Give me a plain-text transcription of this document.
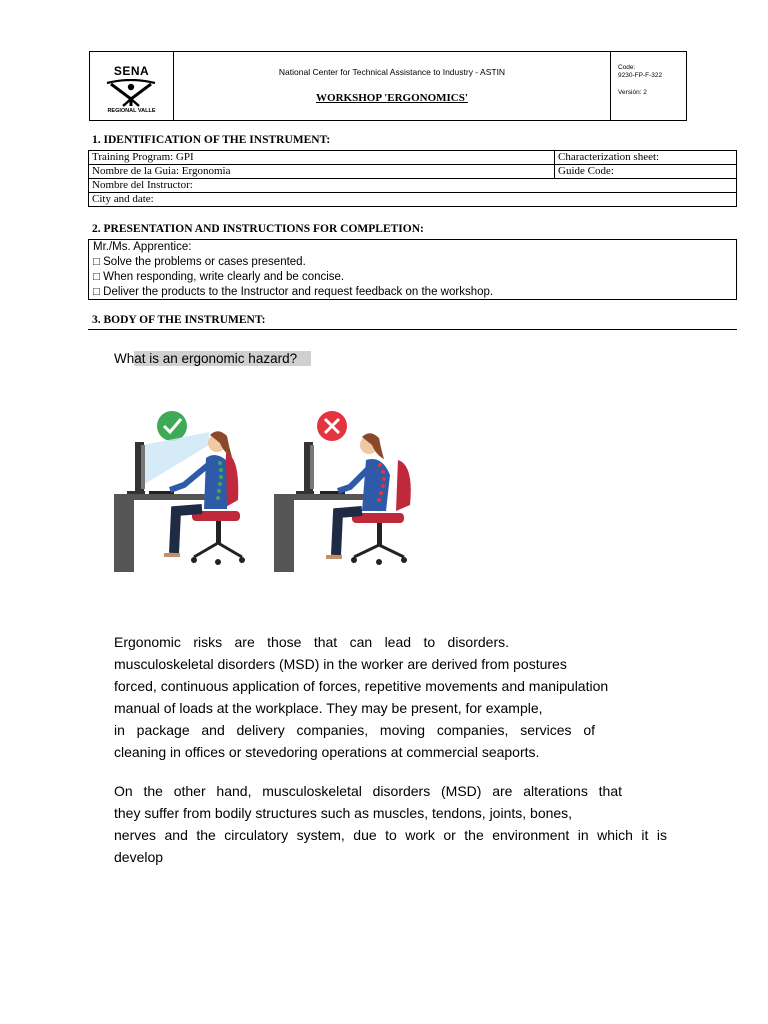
SENA
REGIONAL VALLE
National Center for Technical Assistance to Industry - ASTIN
WORKSHOP 'ERGONOMICS'
Code:
9230-FP-F-322
Versión: 2
1. IDENTIFICATION OF THE INSTRUMENT:
Training Program: GPI	Characterization sheet:
Nombre de la Guia: Ergonomia	Guide Code:
Nombre del Instructor:	
City and date:	
2. PRESENTATION AND INSTRUCTIONS FOR COMPLETION:
Mr./Ms. Apprentice:
□ Solve the problems or cases presented.
□ When responding, write clearly and be concise.
□ Deliver the products to the Instructor and request feedback on the workshop.
3. BODY OF THE INSTRUMENT:
What is an ergonomic hazard?
Ergonomic risks are those that can lead to disorders.
musculoskeletal disorders (MSD) in the worker are derived from postures
forced, continuous application of forces, repetitive movements and manipulation
manual of loads at the workplace. They may be present, for example,
in package and delivery companies, moving companies, services of
cleaning in offices or stevedoring operations at commercial seaports.
On the other hand, musculoskeletal disorders (MSD) are alterations that
they suffer from bodily structures such as muscles, tendons, joints, bones,
nerves and the circulatory system, due to work or the environment in which it is
develop
